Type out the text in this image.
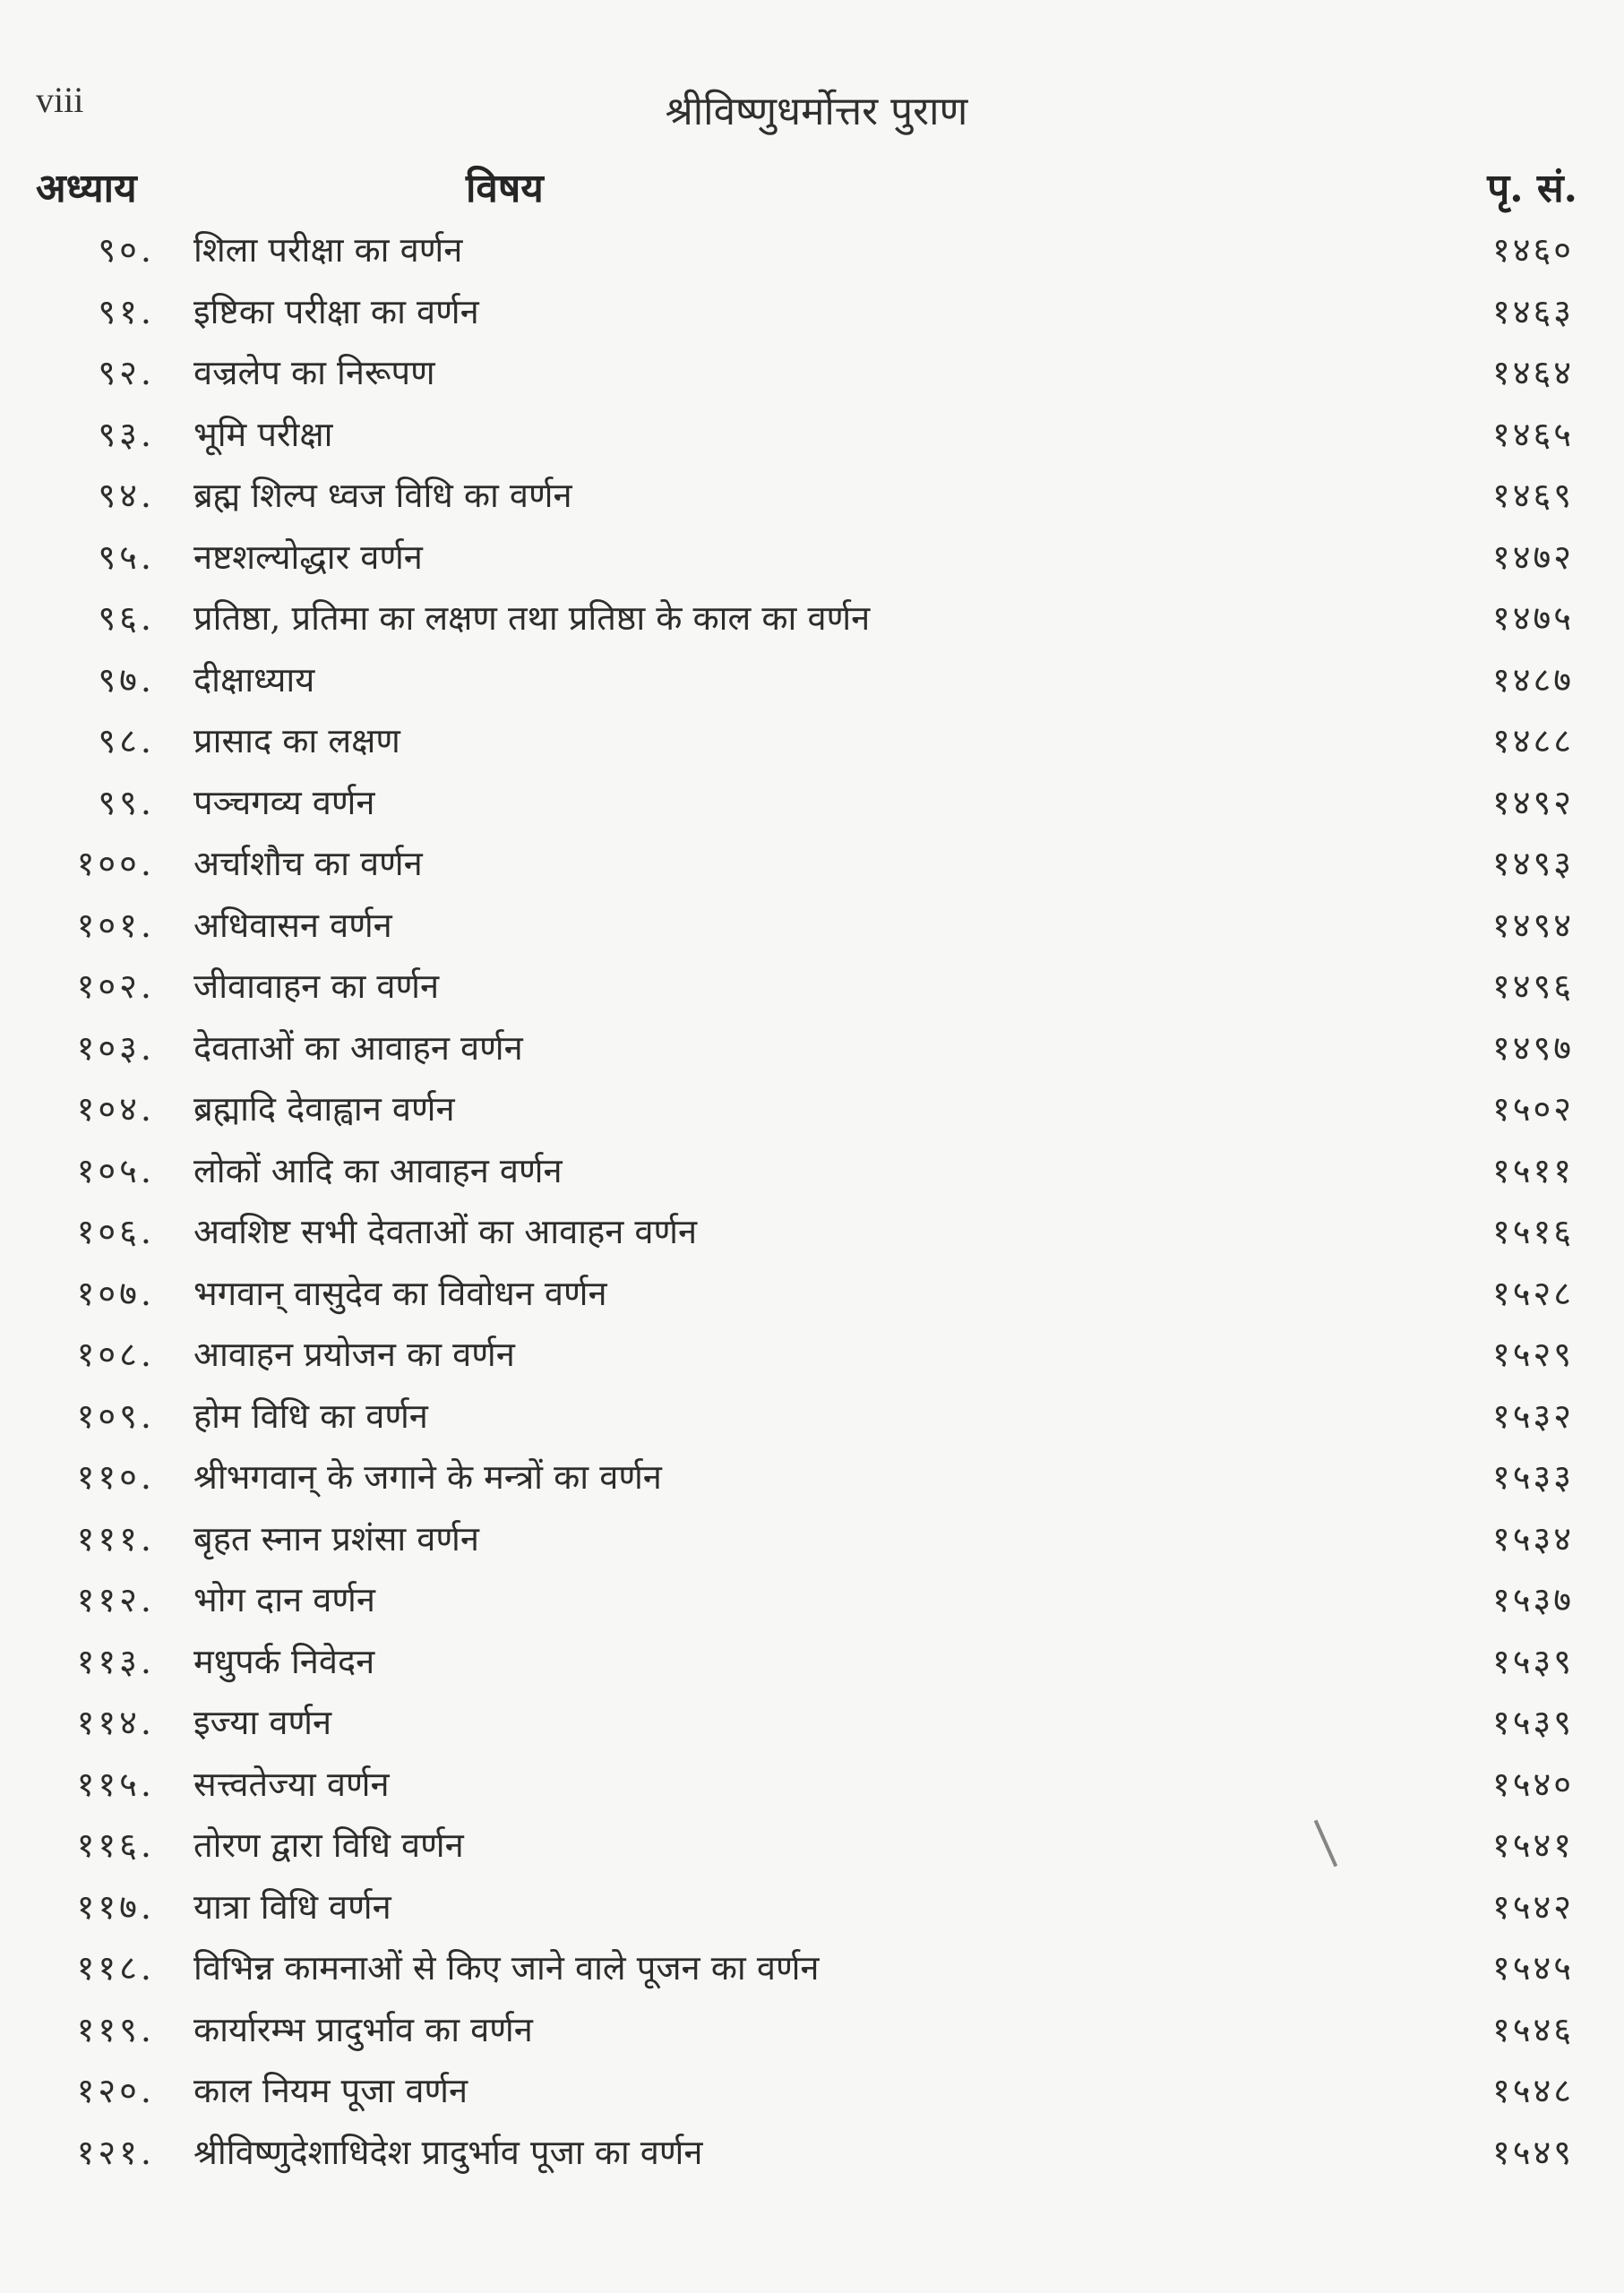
viii	श्रीविष्णुधर्मोत्तर पुराण
अध्याय	विषय	पृ. सं.
९०. शिला परीक्षा का वर्णन	१४६०
९१. इष्टिका परीक्षा का वर्णन	१४६३
९२. वज्रलेप का निरूपण	१४६४
९३. भूमि परीक्षा	१४६५
९४. ब्रह्म शिल्प ध्वज विधि का वर्णन	१४६९
९५. नष्टशल्योद्धार वर्णन	१४७२
९६. प्रतिष्ठा, प्रतिमा का लक्षण तथा प्रतिष्ठा के काल का वर्णन	१४७५
९७. दीक्षाध्याय	१४८७
९८. प्रासाद का लक्षण	१४८८
९९. पञ्चगव्य वर्णन	१४९२
१००. अर्चाशौच का वर्णन	१४९३
१०१. अधिवासन वर्णन	१४९४
१०२. जीवावाहन का वर्णन	१४९६
१०३. देवताओं का आवाहन वर्णन	१४९७
१०४. ब्रह्मादि देवाह्वान वर्णन	१५०२
१०५. लोकों आदि का आवाहन वर्णन	१५११
१०६. अवशिष्ट सभी देवताओं का आवाहन वर्णन	१५१६
१०७. भगवान् वासुदेव का विवोधन वर्णन	१५२८
१०८. आवाहन प्रयोजन का वर्णन	१५२९
१०९. होम विधि का वर्णन	१५३२
११०. श्रीभगवान् के जगाने के मन्त्रों का वर्णन	१५३३
१११. बृहत स्नान प्रशंसा वर्णन	१५३४
११२. भोग दान वर्णन	१५३७
११३. मधुपर्क निवेदन	१५३९
११४. इज्या वर्णन	१५३९
११५. सत्त्वतेज्या वर्णन	१५४०
११६. तोरण द्वारा विधि वर्णन	१५४१
११७. यात्रा विधि वर्णन	१५४२
११८. विभिन्न कामनाओं से किए जाने वाले पूजन का वर्णन	१५४५
११९. कार्यारम्भ प्रादुर्भाव का वर्णन	१५४६
१२०. काल नियम पूजा वर्णन	१५४८
१२१. श्रीविष्णुदेशाधिदेश प्रादुर्भाव पूजा का वर्णन	१५४९
